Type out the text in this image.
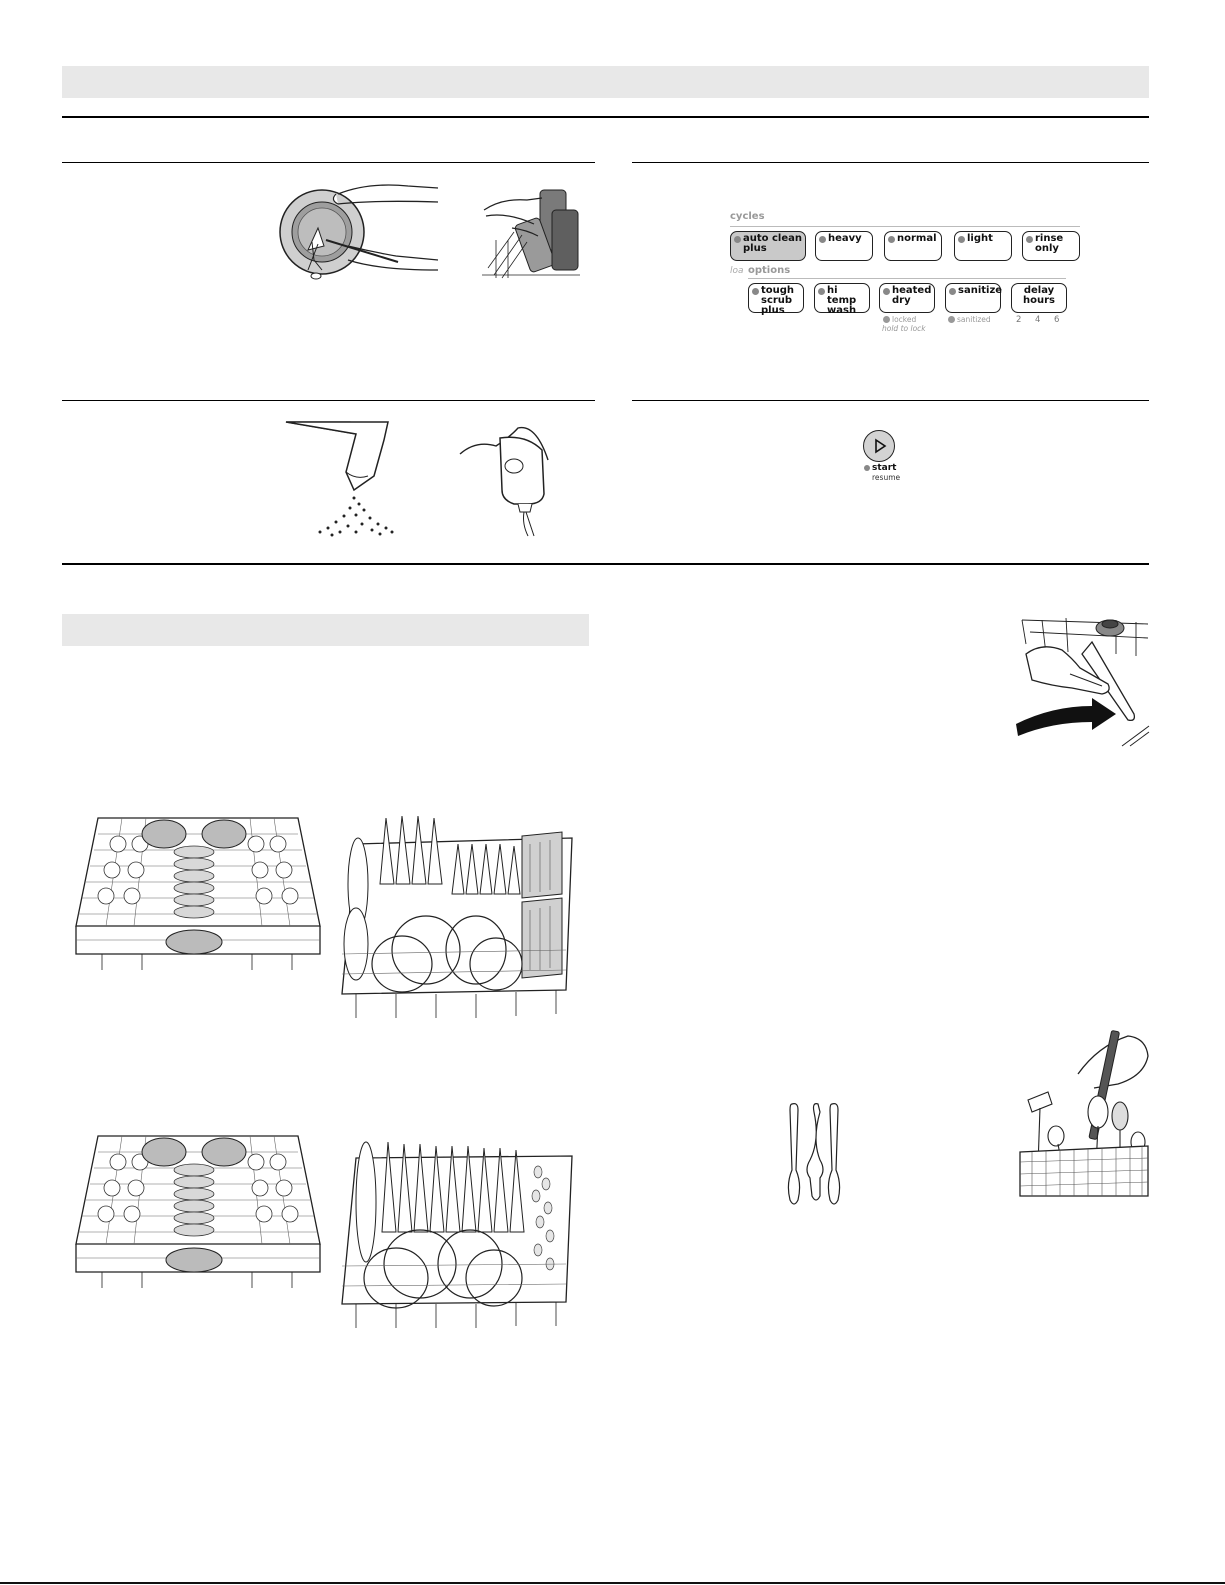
cycles
auto clean
plus
heavy	normal	light	rinse
only
loa options
tough
scrub plus
hi temp
wash
heated
dry
sanitize delay
hours
locked
hold to lock
sanitized	2 4 6
start
resume
